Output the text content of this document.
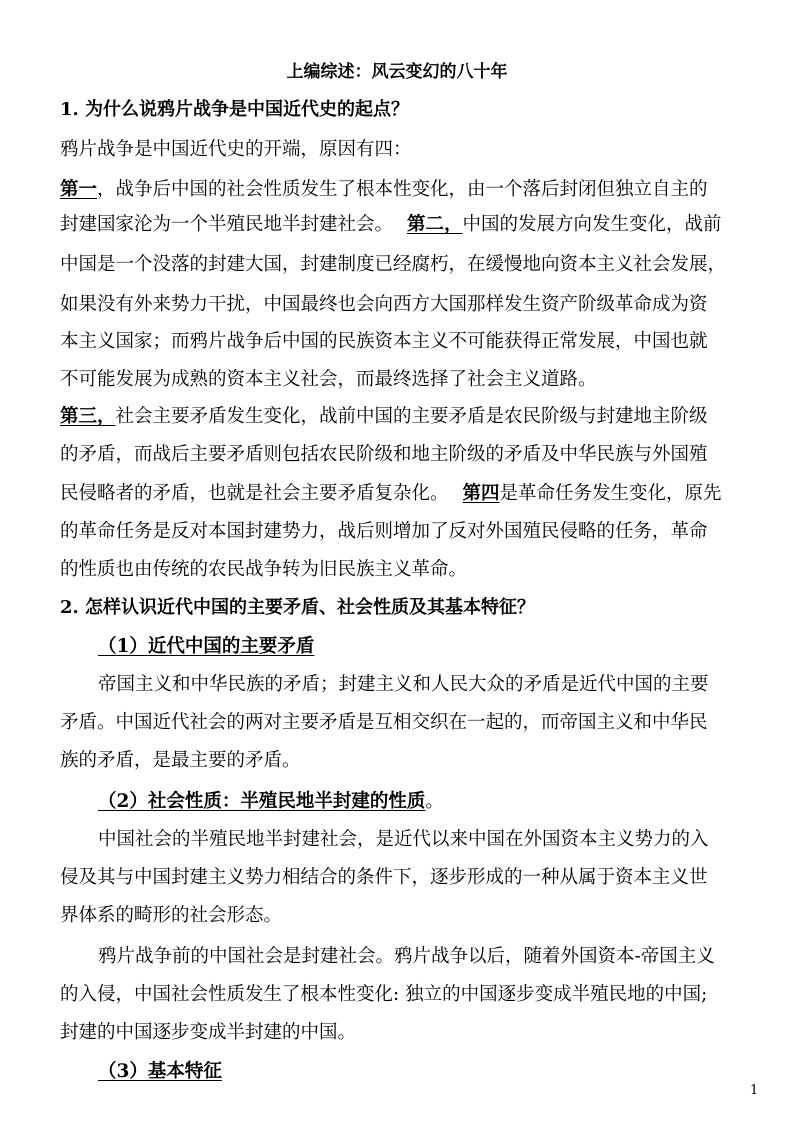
上编综述：风云变幻的八十年
1. 为什么说鸦片战争是中国近代史的起点？
鸦片战争是中国近代史的开端，原因有四：
第一，战争后中国的社会性质发生了根本性变化，由一个落后封闭但独立自主的
封建国家沦为一个半殖民地半封建社会。 第二，中国的发展方向发生变化，战前
中国是一个没落的封建大国，封建制度已经腐朽，在缓慢地向资本主义社会发展，
如果没有外来势力干扰，中国最终也会向西方大国那样发生资产阶级革命成为资
本主义国家；而鸦片战争后中国的民族资本主义不可能获得正常发展，中国也就
不可能发展为成熟的资本主义社会，而最终选择了社会主义道路。
第三，社会主要矛盾发生变化，战前中国的主要矛盾是农民阶级与封建地主阶级
的矛盾，而战后主要矛盾则包括农民阶级和地主阶级的矛盾及中华民族与外国殖
民侵略者的矛盾，也就是社会主要矛盾复杂化。 第四是革命任务发生变化，原先
的革命任务是反对本国封建势力，战后则增加了反对外国殖民侵略的任务，革命
的性质也由传统的农民战争转为旧民族主义革命。
2. 怎样认识近代中国的主要矛盾、社会性质及其基本特征？
（1）近代中国的主要矛盾
帝国主义和中华民族的矛盾；封建主义和人民大众的矛盾是近代中国的主要
矛盾。中国近代社会的两对主要矛盾是互相交织在一起的，而帝国主义和中华民
族的矛盾，是最主要的矛盾。
（2）社会性质：半殖民地半封建的性质。
中国社会的半殖民地半封建社会，是近代以来中国在外国资本主义势力的入
侵及其与中国封建主义势力相结合的条件下，逐步形成的一种从属于资本主义世
界体系的畸形的社会形态。
鸦片战争前的中国社会是封建社会。鸦片战争以后，随着外国资本-帝国主义
的入侵，中国社会性质发生了根本性变化: 独立的中国逐步变成半殖民地的中国;
封建的中国逐步变成半封建的中国。
（3）基本特征
1
